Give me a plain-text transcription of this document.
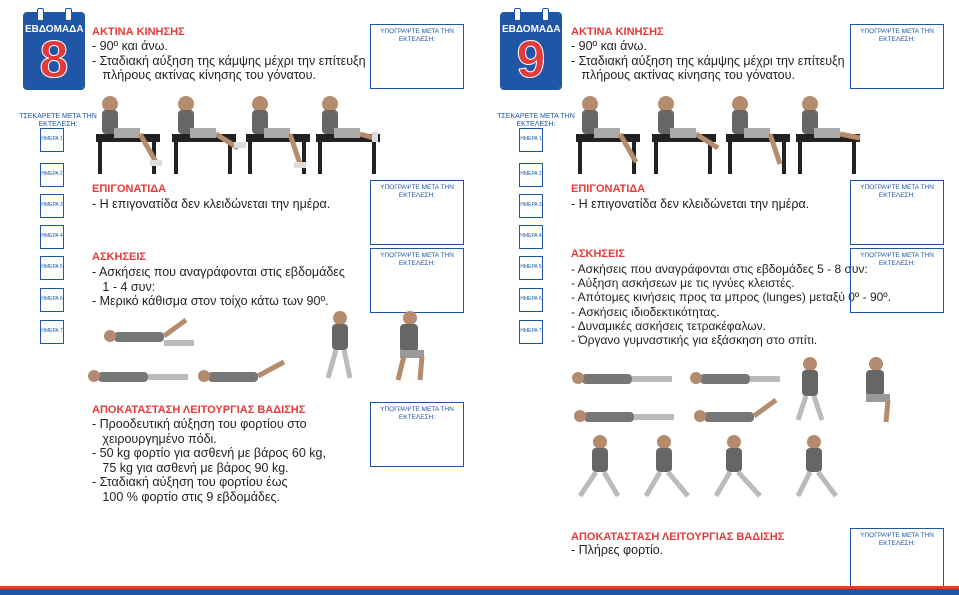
ΕΒΔΟΜΑΔΑ
8	ΑΚΤΙΝΑ ΚΙΝΗΣΗΣ
- 90º και άνω.
- Σταδιακή αύξηση της κάμψης μέχρι την επίτευξη
πλήρους ακτίνας κίνησης του γόνατου.
ΥΠΟΓΡΑΨΤΕ ΜΕΤΑ ΤΗΝ ΕΚΤΕΛΕΣΗ:
ΤΣΕΚΑΡΕΤΕ ΜΕΤΑ ΤΗΝ ΕΚΤΕΛΕΣΗ:
ΗΜΕΡΑ 1
ΗΜΕΡΑ 2
ΗΜΕΡΑ 3
ΗΜΕΡΑ 4
ΗΜΕΡΑ 5
ΗΜΕΡΑ 6
ΗΜΕΡΑ 7
ΕΠΙΓΟΝΑΤΙΔΑ
- Η επιγονατίδα δεν κλειδώνεται την ημέρα.
ΥΠΟΓΡΑΨΤΕ ΜΕΤΑ ΤΗΝ ΕΚΤΕΛΕΣΗ:
ΑΣΚΗΣΕΙΣ
- Ασκήσεις που αναγράφονται στις εβδομάδες
1 - 4 συν:
- Μερικό κάθισμα στον τοίχο κάτω των 90º.
ΥΠΟΓΡΑΨΤΕ ΜΕΤΑ ΤΗΝ ΕΚΤΕΛΕΣΗ:
ΑΠΟΚΑΤΑΣΤΑΣΗ ΛΕΙΤΟΥΡΓΙΑΣ ΒΑΔΙΣΗΣ
- Προοδευτική αύξηση του φορτίου στο
χειρουργημένο πόδι.
- 50 kg φορτίο για ασθενή με βάρος 60 kg,
75 kg για ασθενή με βάρος 90 kg.
- Σταδιακή αύξηση του φορτίου έως
100 % φορτίο στις 9 εβδομάδες.
ΥΠΟΓΡΑΨΤΕ ΜΕΤΑ ΤΗΝ ΕΚΤΕΛΕΣΗ:
ΕΒΔΟΜΑΔΑ
9	ΑΚΤΙΝΑ ΚΙΝΗΣΗΣ
- 90º και άνω.
- Σταδιακή αύξηση της κάμψης μέχρι την επίτευξη
πλήρους ακτίνας κίνησης του γόνατου.
ΥΠΟΓΡΑΨΤΕ ΜΕΤΑ ΤΗΝ ΕΚΤΕΛΕΣΗ:
ΤΣΕΚΑΡΕΤΕ ΜΕΤΑ ΤΗΝ ΕΚΤΕΛΕΣΗ:
ΗΜΕΡΑ 1
ΗΜΕΡΑ 2
ΗΜΕΡΑ 3
ΗΜΕΡΑ 4
ΗΜΕΡΑ 5
ΗΜΕΡΑ 6
ΗΜΕΡΑ 7
ΕΠΙΓΟΝΑΤΙΔΑ
- Η επιγονατίδα δεν κλειδώνεται την ημέρα.
ΥΠΟΓΡΑΨΤΕ ΜΕΤΑ ΤΗΝ ΕΚΤΕΛΕΣΗ:
ΑΣΚΗΣΕΙΣ
- Ασκήσεις που αναγράφονται στις εβδομάδες 5 - 8 συν:
- Αύξηση ασκήσεων με τις ιγνύες κλειστές.
- Απότομες κινήσεις προς τα μπρος (lunges) μεταξύ 0º - 90º.
- Ασκήσεις ιδιοδεκτικότητας.
- Δυναμικές ασκήσεις τετρακέφαλων.
- Όργανο γυμναστικής για εξάσκηση στο σπίτι.
ΥΠΟΓΡΑΨΤΕ ΜΕΤΑ ΤΗΝ ΕΚΤΕΛΕΣΗ:
ΑΠΟΚΑΤΑΣΤΑΣΗ ΛΕΙΤΟΥΡΓΙΑΣ ΒΑΔΙΣΗΣ
- Πλήρες φορτίο.
ΥΠΟΓΡΑΨΤΕ ΜΕΤΑ ΤΗΝ ΕΚΤΕΛΕΣΗ:
